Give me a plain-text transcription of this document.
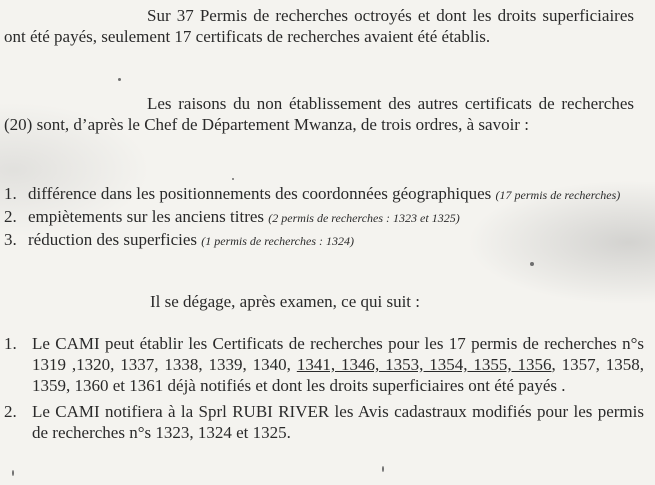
Sur 37 Permis de recherches octroyés et dont les droits superficiaires ont été payés, seulement 17 certificats de recherches avaient été établis.

Les raisons du non établissement des autres certificats de recherches (20) sont, d’après le Chef de Département Mwanza, de trois ordres, à savoir :

1. différence dans les positionnements des coordonnées géographiques (17 permis de recherches)
2. empiètements sur les anciens titres (2 permis de recherches : 1323 et 1325)
3. réduction des superficies (1 permis de recherches : 1324)

Il se dégage, après examen, ce qui suit :

1. Le CAMI peut établir les Certificats de recherches pour les 17 permis de recherches n°s 1319 ,1320, 1337, 1338, 1339, 1340, 1341, 1346, 1353, 1354, 1355, 1356, 1357, 1358, 1359, 1360 et 1361 déjà notifiés et dont les droits superficiaires ont été payés .
2. Le CAMI notifiera à la Sprl RUBI RIVER les Avis cadastraux modifiés pour les permis de recherches n°s 1323, 1324 et 1325.
